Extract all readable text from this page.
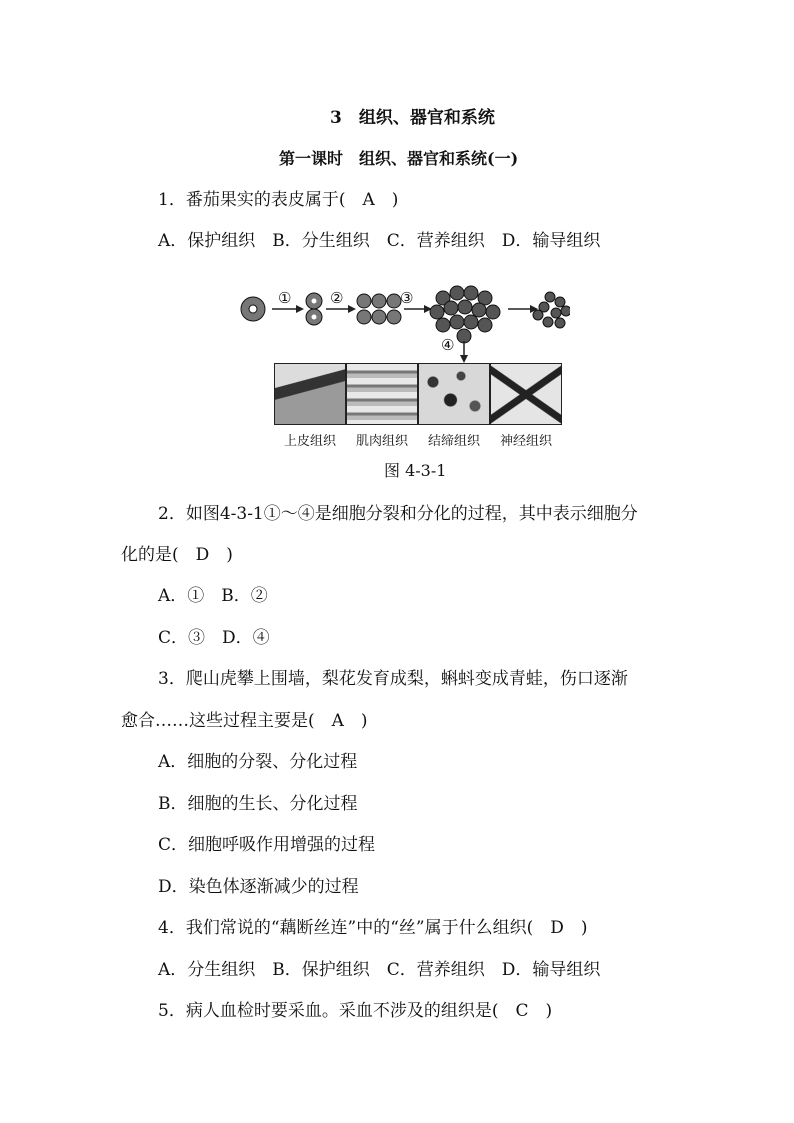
3　组织、器官和系统
第一课时　组织、器官和系统(一)
1．番茄果实的表皮属于(　A　)
A．保护组织　B．分生组织　C．营养组织　D．输导组织
①	②	③
④
上皮组织	肌肉组织	结缔组织	神经组织
图 4-3-1
2．如图4-3-1①～④是细胞分裂和分化的过程，其中表示细胞分
化的是(　D　)
A．①　B．②
C．③　D．④
3．爬山虎攀上围墙，梨花发育成梨，蝌蚪变成青蛙，伤口逐渐
愈合……这些过程主要是(　A　)
A．细胞的分裂、分化过程
B．细胞的生长、分化过程
C．细胞呼吸作用增强的过程
D．染色体逐渐减少的过程
4．我们常说的“藕断丝连”中的“丝”属于什么组织(　D　)
A．分生组织　B．保护组织　C．营养组织　D．输导组织
5．病人血检时要采血。采血不涉及的组织是(　C　)
